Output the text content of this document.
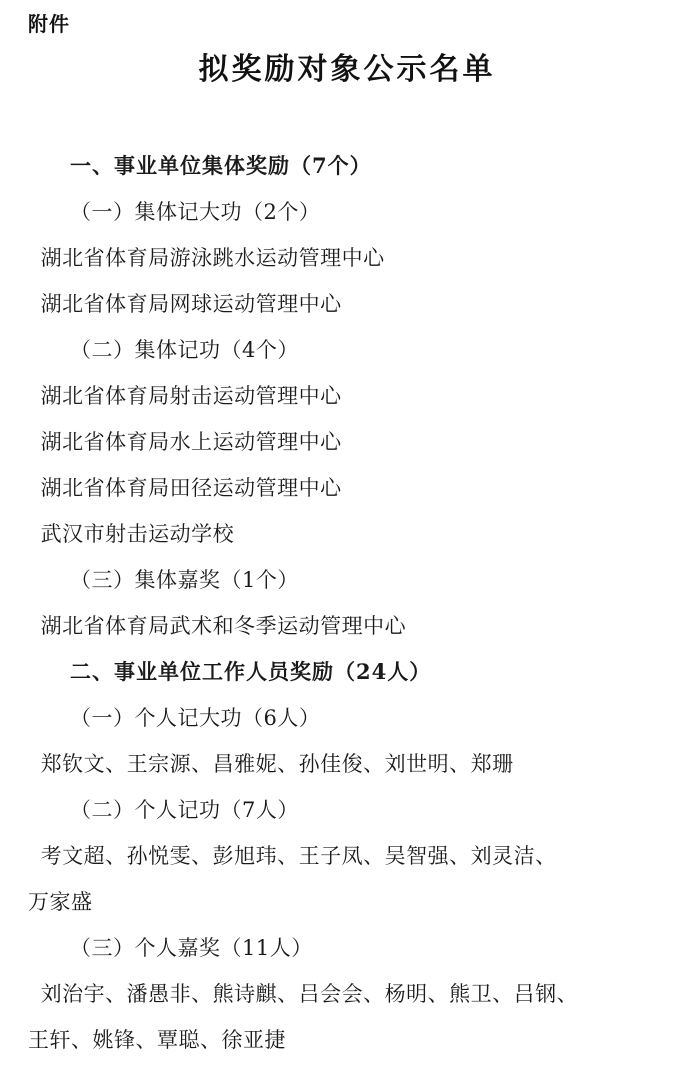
附件
拟奖励对象公示名单
一、事业单位集体奖励（7个）
（一）集体记大功（2个）
湖北省体育局游泳跳水运动管理中心
湖北省体育局网球运动管理中心
（二）集体记功（4个）
湖北省体育局射击运动管理中心
湖北省体育局水上运动管理中心
湖北省体育局田径运动管理中心
武汉市射击运动学校
（三）集体嘉奖（1个）
湖北省体育局武术和冬季运动管理中心
二、事业单位工作人员奖励（24人）
（一）个人记大功（6人）
郑钦文、王宗源、昌雅妮、孙佳俊、刘世明、郑珊
（二）个人记功（7人）
考文超、孙悦雯、彭旭玮、王子凤、吴智强、刘灵洁、
万家盛
（三）个人嘉奖（11人）
刘治宇、潘愚非、熊诗麒、吕会会、杨明、熊卫、吕钢、
王轩、姚锋、覃聪、徐亚捷
